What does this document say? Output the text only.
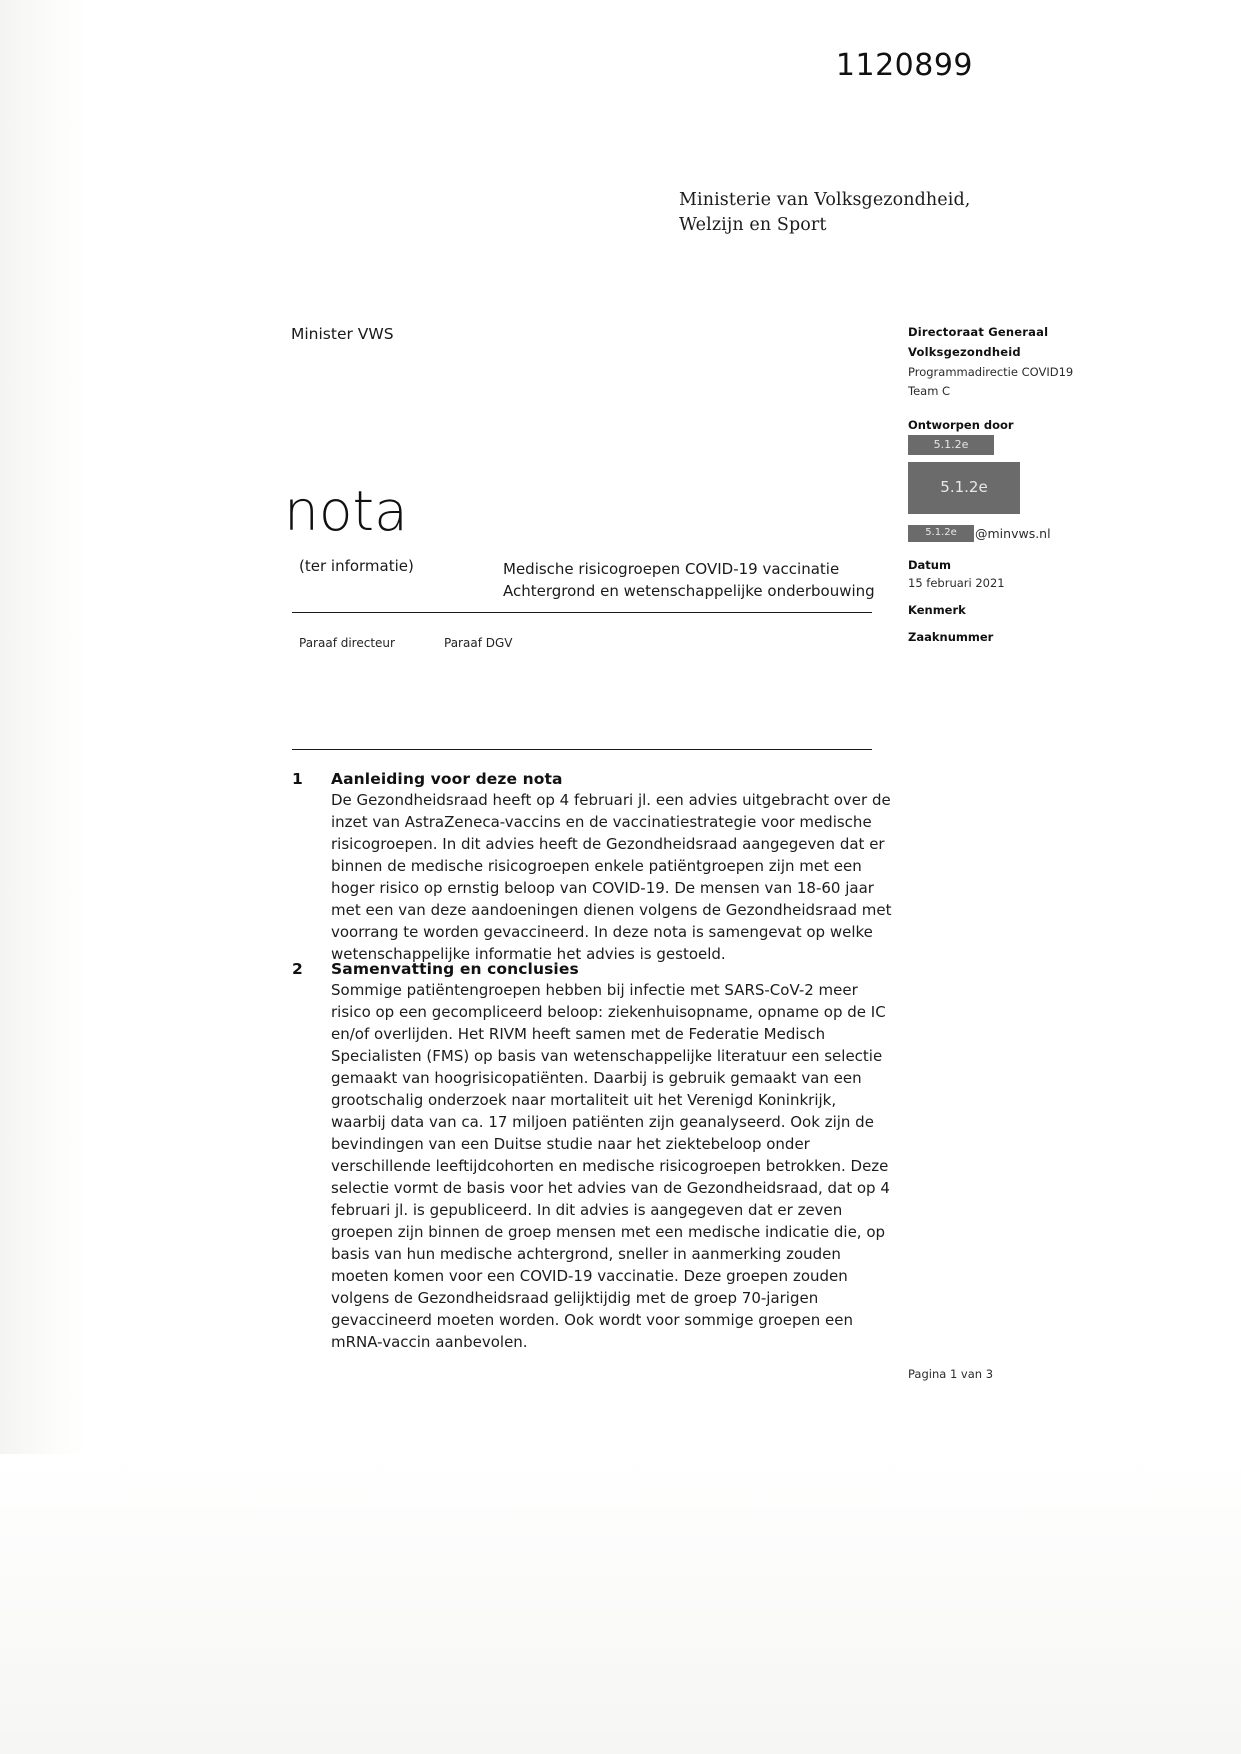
1120899
Ministerie van Volksgezondheid,
Welzijn en Sport
Minister VWS	Directoraat Generaal
Volksgezondheid
Programmadirectie COVID19
Team C
Ontworpen door
5.1.2e
5.1.2e
5.1.2e @minvws.nl
Datum
15 februari 2021
Kenmerk
Zaaknummer
nota
(ter informatie)	Medische risicogroepen COVID-19 vaccinatie
Achtergrond en wetenschappelijke onderbouwing
Paraaf directeur	Paraaf DGV
1 Aanleiding voor deze nota
De Gezondheidsraad heeft op 4 februari jl. een advies uitgebracht over de inzet van AstraZeneca-vaccins en de vaccinatiestrategie voor medische risicogroepen. In dit advies heeft de Gezondheidsraad aangegeven dat er binnen de medische risicogroepen enkele patiëntgroepen zijn met een hoger risico op ernstig beloop van COVID-19. De mensen van 18-60 jaar met een van deze aandoeningen dienen volgens de Gezondheidsraad met voorrang te worden gevaccineerd. In deze nota is samengevat op welke wetenschappelijke informatie het advies is gestoeld.
2 Samenvatting en conclusies
Sommige patiëntengroepen hebben bij infectie met SARS-CoV-2 meer risico op een gecompliceerd beloop: ziekenhuisopname, opname op de IC en/of overlijden. Het RIVM heeft samen met de Federatie Medisch Specialisten (FMS) op basis van wetenschappelijke literatuur een selectie gemaakt van hoogrisicopatiënten. Daarbij is gebruik gemaakt van een grootschalig onderzoek naar mortaliteit uit het Verenigd Koninkrijk, waarbij data van ca. 17 miljoen patiënten zijn geanalyseerd. Ook zijn de bevindingen van een Duitse studie naar het ziektebeloop onder verschillende leeftijdcohorten en medische risicogroepen betrokken. Deze selectie vormt de basis voor het advies van de Gezondheidsraad, dat op 4 februari jl. is gepubliceerd. In dit advies is aangegeven dat er zeven groepen zijn binnen de groep mensen met een medische indicatie die, op basis van hun medische achtergrond, sneller in aanmerking zouden moeten komen voor een COVID-19 vaccinatie. Deze groepen zouden volgens de Gezondheidsraad gelijktijdig met de groep 70-jarigen gevaccineerd moeten worden. Ook wordt voor sommige groepen een mRNA-vaccin aanbevolen.
Pagina 1 van 3
